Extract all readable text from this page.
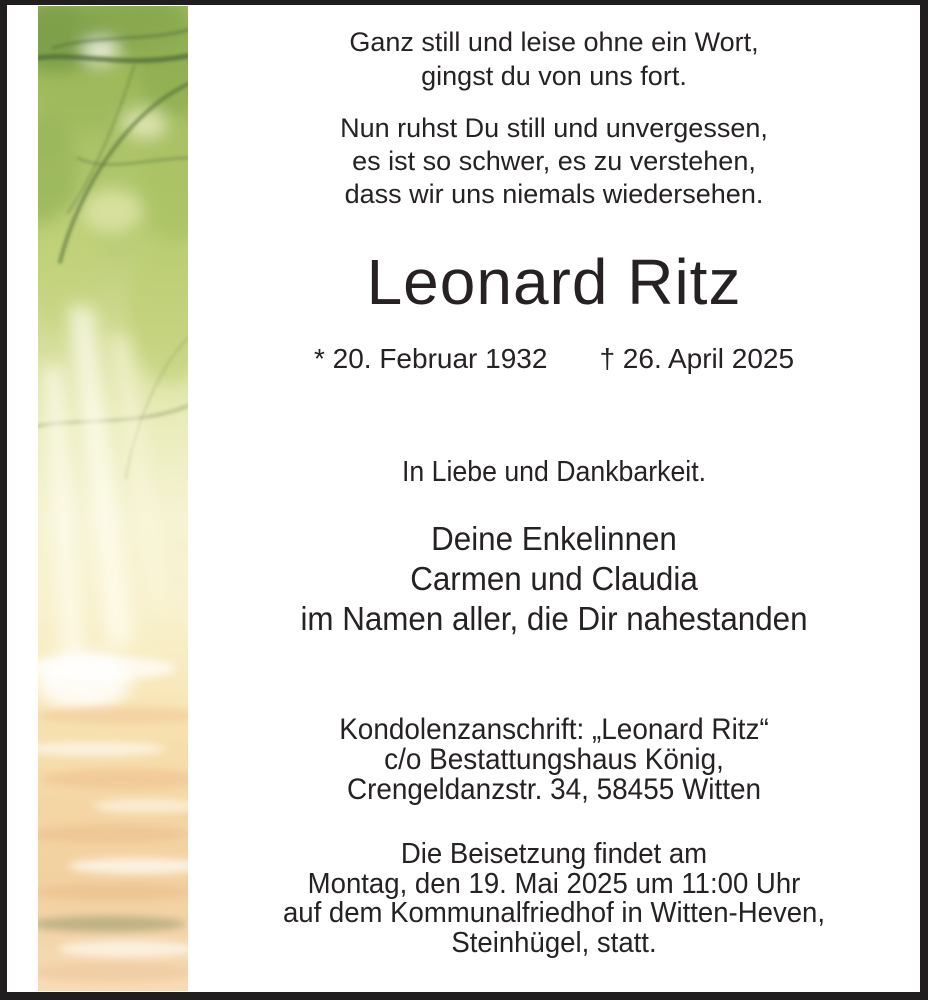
Ganz still und leise ohne ein Wort,
gingst du von uns fort.
Nun ruhst Du still und unvergessen,
es ist so schwer, es zu verstehen,
dass wir uns niemals wiedersehen.
Leonard Ritz
* 20. Februar 1932 † 26. April 2025
In Liebe und Dankbarkeit.
Deine Enkelinnen
Carmen und Claudia
im Namen aller, die Dir nahestanden
Kondolenzanschrift: „Leonard Ritz“
c/o Bestattungshaus König,
Crengeldanzstr. 34, 58455 Witten
Die Beisetzung findet am
Montag, den 19. Mai 2025 um 11:00 Uhr
auf dem Kommunalfriedhof in Witten-Heven,
Steinhügel, statt.
